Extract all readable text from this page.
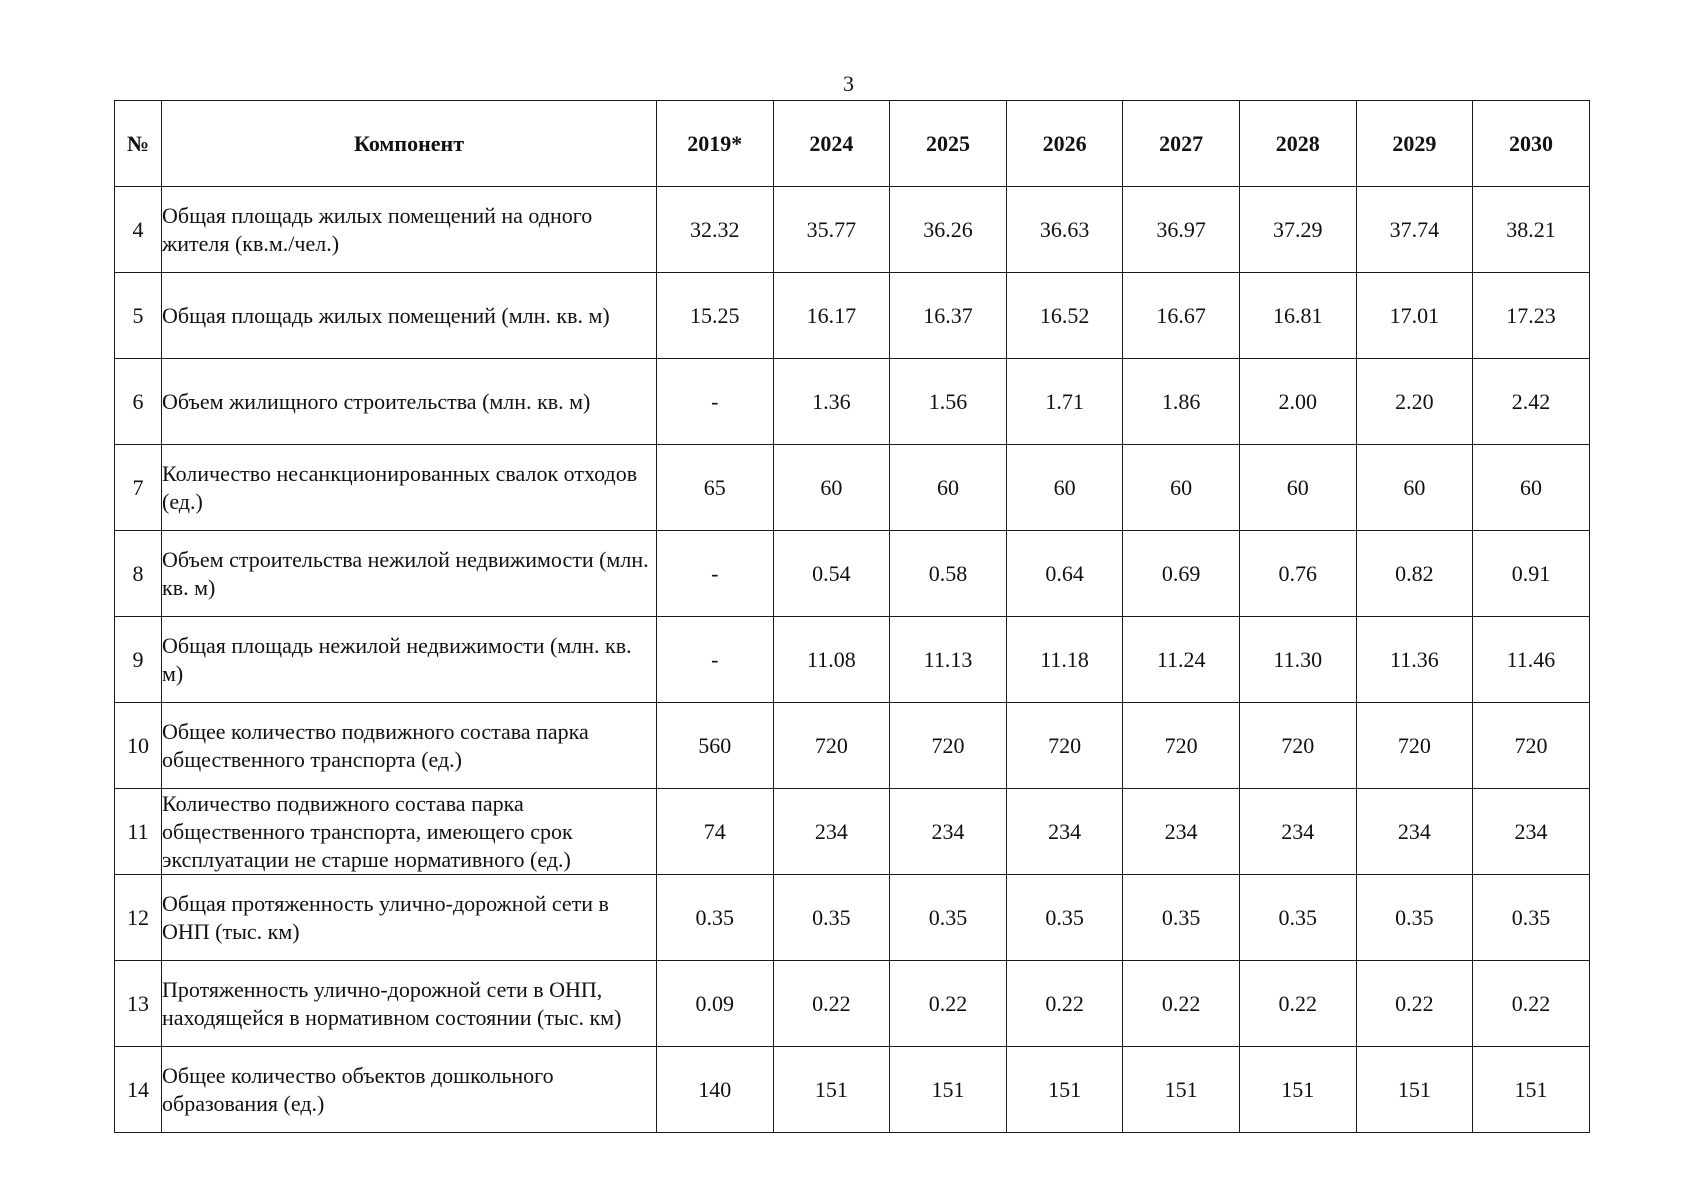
3
№	Компонент	2019*	2024	2025	2026	2027	2028	2029	2030
4	Общая площадь жилых помещений на одного жителя (кв.м./чел.)	32.32	35.77	36.26	36.63	36.97	37.29	37.74	38.21
5	Общая площадь жилых помещений (млн. кв. м)	15.25	16.17	16.37	16.52	16.67	16.81	17.01	17.23
6	Объем жилищного строительства (млн. кв. м)	-	1.36	1.56	1.71	1.86	2.00	2.20	2.42
7	Количество несанкционированных свалок отходов (ед.)	65	60	60	60	60	60	60	60
8	Объем строительства нежилой недвижимости (млн. кв. м)	-	0.54	0.58	0.64	0.69	0.76	0.82	0.91
9	Общая площадь нежилой недвижимости (млн. кв. м)	-	11.08	11.13	11.18	11.24	11.30	11.36	11.46
10	Общее количество подвижного состава парка общественного транспорта (ед.)	560	720	720	720	720	720	720	720
11	Количество подвижного состава парка общественного транспорта, имеющего срок эксплуатации не старше нормативного (ед.)	74	234	234	234	234	234	234	234
12	Общая протяженность улично-дорожной сети в ОНП (тыс. км)	0.35	0.35	0.35	0.35	0.35	0.35	0.35	0.35
13	Протяженность улично-дорожной сети в ОНП, находящейся в нормативном состоянии (тыс. км)	0.09	0.22	0.22	0.22	0.22	0.22	0.22	0.22
14	Общее количество объектов дошкольного образования (ед.)	140	151	151	151	151	151	151	151
